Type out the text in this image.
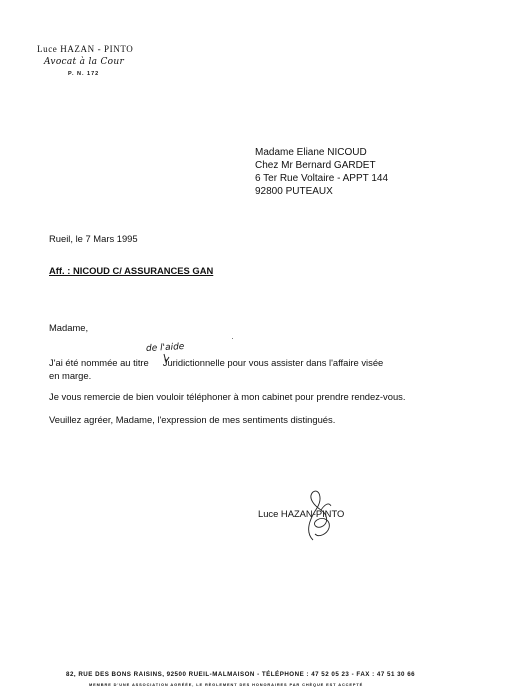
Luce HAZAN - PINTO
Avocat à la Cour
P. N. 172
Madame Eliane NICOUD
Chez Mr Bernard GARDET
6 Ter Rue Voltaire - APPT 144
92800 PUTEAUX
Rueil, le 7 Mars 1995
Aff. : NICOUD C/ ASSURANCES GAN
Madame,
de l'aide
J'ai été nommée au titre Juridictionnelle pour vous assister dans l'affaire visée
en marge.
Je vous remercie de bien vouloir téléphoner à mon cabinet pour prendre rendez-vous.
Veuillez agréer, Madame, l'expression de mes sentiments distingués.
Luce HAZAN-PINTO
82, RUE DES BONS RAISINS, 92500 RUEIL-MALMAISON - TÉLÉPHONE : 47 52 05 23 - FAX : 47 51 30 66
MEMBRE D'UNE ASSOCIATION AGRÉÉE, LE RÈGLEMENT DES HONORAIRES PAR CHÈQUE EST ACCEPTÉ
